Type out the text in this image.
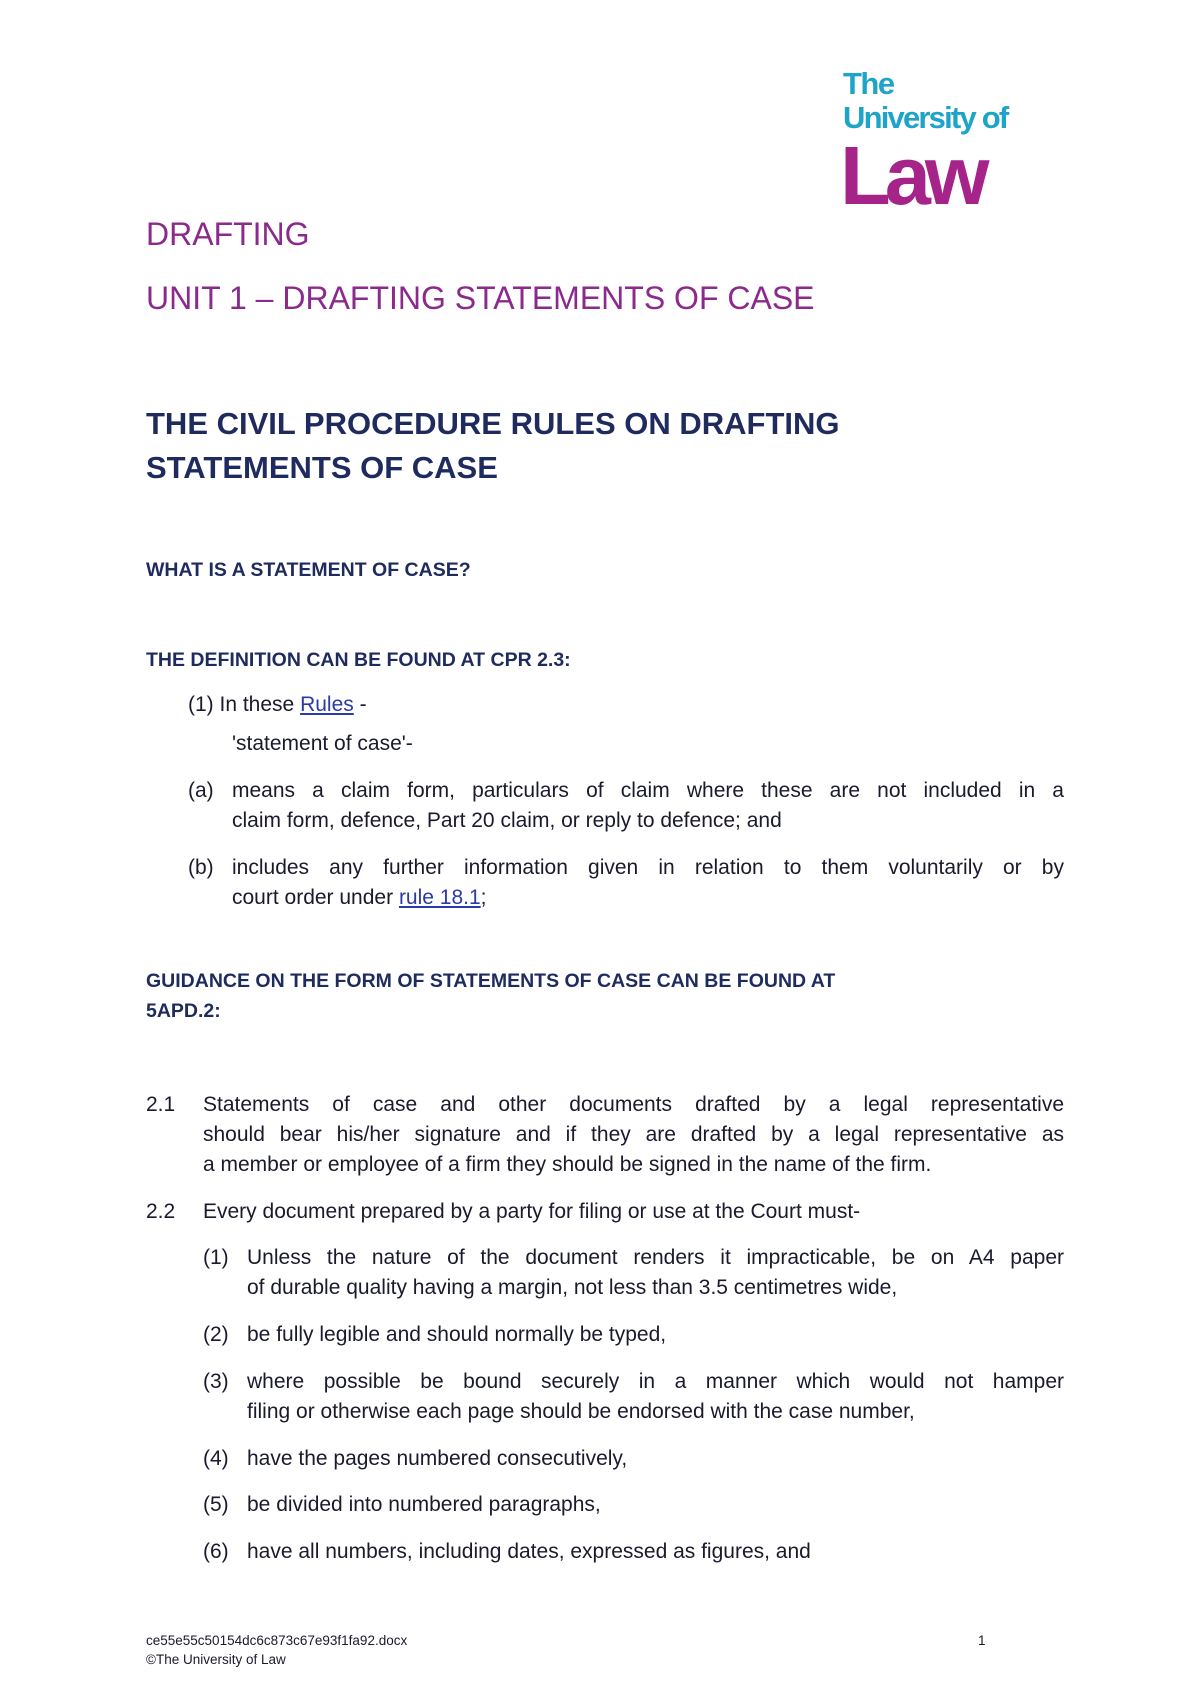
The
University of
Law
DRAFTING
UNIT 1 – DRAFTING STATEMENTS OF CASE
THE CIVIL PROCEDURE RULES ON DRAFTING
STATEMENTS OF CASE
WHAT IS A STATEMENT OF CASE?
THE DEFINITION CAN BE FOUND AT CPR 2.3:
(1) In these Rules -
'statement of case'-
(a) means a claim form, particulars of claim where these are not included in a
claim form, defence, Part 20 claim, or reply to defence; and
(b) includes any further information given in relation to them voluntarily or by
court order under rule 18.1;
GUIDANCE ON THE FORM OF STATEMENTS OF CASE CAN BE FOUND AT
5APD.2:
2.1 Statements of case and other documents drafted by a legal representative
should bear his/her signature and if they are drafted by a legal representative as
a member or employee of a firm they should be signed in the name of the firm.
2.2 Every document prepared by a party for filing or use at the Court must-
(1) Unless the nature of the document renders it impracticable, be on A4 paper
of durable quality having a margin, not less than 3.5 centimetres wide,
(2) be fully legible and should normally be typed,
(3) where possible be bound securely in a manner which would not hamper
filing or otherwise each page should be endorsed with the case number,
(4) have the pages numbered consecutively,
(5) be divided into numbered paragraphs,
(6) have all numbers, including dates, expressed as figures, and
ce55e55c50154dc6c873c67e93f1fa92.docx
©The University of Law
1
